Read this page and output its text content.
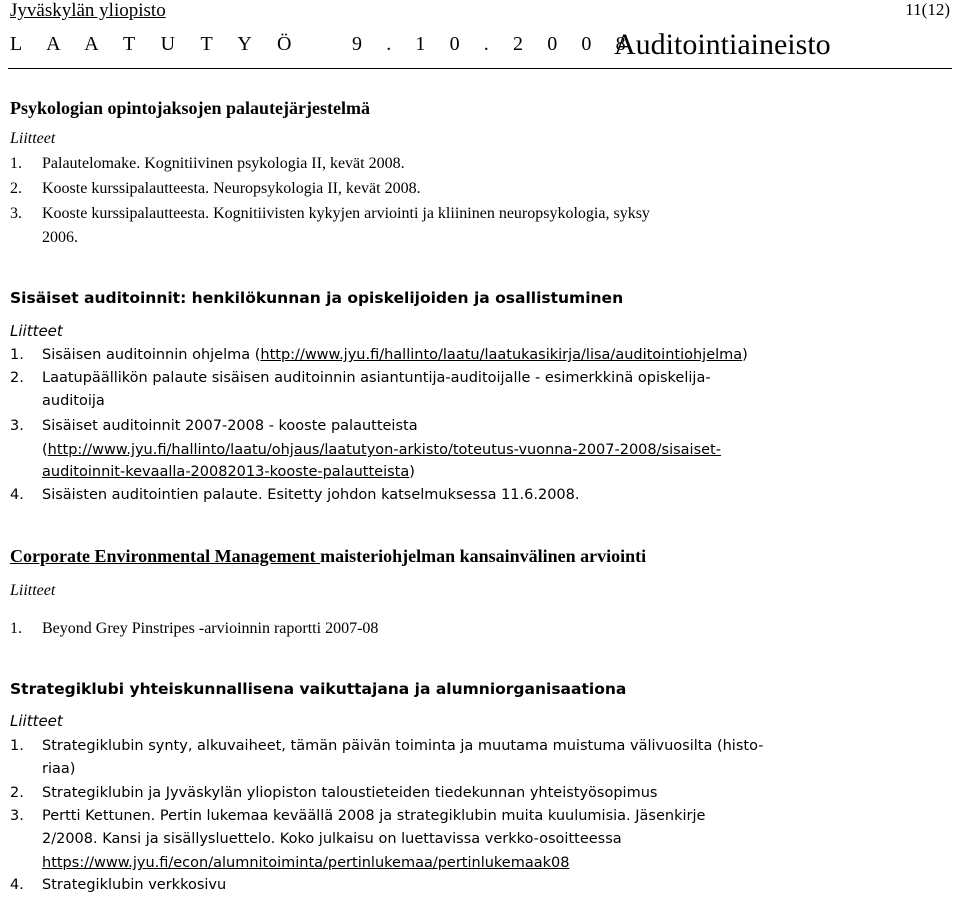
Jyväskylän yliopisto	11(12)
L A A T U T Y Ö	9 . 1 0 . 2 0 0 8
Auditointiaineisto
Psykologian opintojaksojen palautejärjestelmä
Liitteet
1. Palautelomake. Kognitiivinen psykologia II, kevät 2008.
2. Kooste kurssipalautteesta. Neuropsykologia II, kevät 2008.
3. Kooste kurssipalautteesta. Kognitiivisten kykyjen arviointi ja kliininen neuropsykologia, syksy
2006.
Sisäiset auditoinnit: henkilökunnan ja opiskelijoiden ja osallistuminen
Liitteet
1. Sisäisen auditoinnin ohjelma (http://www.jyu.fi/hallinto/laatu/laatukasikirja/lisa/auditointiohjelma)
2. Laatupäällikön palaute sisäisen auditoinnin asiantuntija-auditoijalle - esimerkkinä opiskelija-
auditoija
3. Sisäiset auditoinnit 2007-2008 - kooste palautteista
(http://www.jyu.fi/hallinto/laatu/ohjaus/laatutyon-arkisto/toteutus-vuonna-2007-2008/sisaiset-
auditoinnit-kevaalla-20082013-kooste-palautteista)
4. Sisäisten auditointien palaute. Esitetty johdon katselmuksessa 11.6.2008.
Corporate Environmental Management maisteriohjelman kansainvälinen arviointi
Liitteet
1. Beyond Grey Pinstripes -arvioinnin raportti 2007-08
Strategiklubi yhteiskunnallisena vaikuttajana ja alumniorganisaationa
Liitteet
1. Strategiklubin synty, alkuvaiheet, tämän päivän toiminta ja muutama muistuma välivuosilta (histo-
riaa)
2. Strategiklubin ja Jyväskylän yliopiston taloustieteiden tiedekunnan yhteistyösopimus
3. Pertti Kettunen. Pertin lukemaa keväällä 2008 ja strategiklubin muita kuulumisia. Jäsenkirje
2/2008. Kansi ja sisällysluettelo. Koko julkaisu on luettavissa verkko-osoitteessa
https://www.jyu.fi/econ/alumnitoiminta/pertinlukemaa/pertinlukemaak08
4. Strategiklubin verkkosivu
